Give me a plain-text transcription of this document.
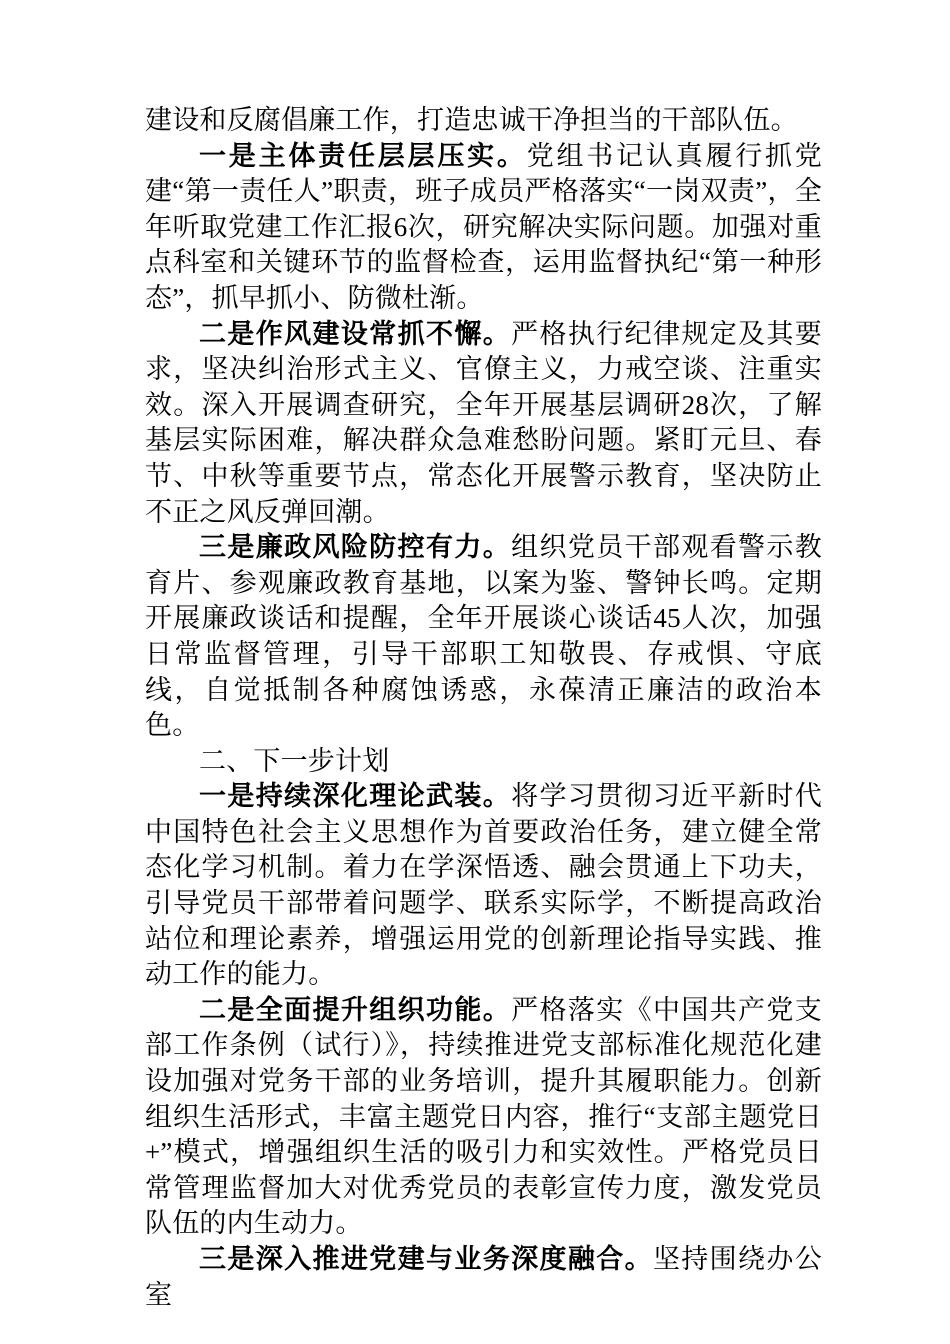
建设和反腐倡廉工作，打造忠诚干净担当的干部队伍。

一是主体责任层层压实。党组书记认真履行抓党建“第一责任人”职责，班子成员严格落实“一岗双责”，全年听取党建工作汇报6次，研究解决实际问题。加强对重点科室和关键环节的监督检查，运用监督执纪“第一种形态”，抓早抓小、防微杜渐。

二是作风建设常抓不懈。严格执行纪律规定及其要求，坚决纠治形式主义、官僚主义，力戒空谈、注重实效。深入开展调查研究，全年开展基层调研28次，了解基层实际困难，解决群众急难愁盼问题。紧盯元旦、春节、中秋等重要节点，常态化开展警示教育，坚决防止不正之风反弹回潮。

三是廉政风险防控有力。组织党员干部观看警示教育片、参观廉政教育基地，以案为鉴、警钟长鸣。定期开展廉政谈话和提醒，全年开展谈心谈话45人次，加强日常监督管理，引导干部职工知敬畏、存戒惧、守底线，自觉抵制各种腐蚀诱惑，永葆清正廉洁的政治本色。

二、下一步计划

一是持续深化理论武装。将学习贯彻习近平新时代中国特色社会主义思想作为首要政治任务，建立健全常态化学习机制。着力在学深悟透、融会贯通上下功夫，引导党员干部带着问题学、联系实际学，不断提高政治站位和理论素养，增强运用党的创新理论指导实践、推动工作的能力。

二是全面提升组织功能。严格落实《中国共产党支部工作条例（试行）》，持续推进党支部标准化规范化建设加强对党务干部的业务培训，提升其履职能力。创新组织生活形式，丰富主题党日内容，推行“支部主题党日+”模式，增强组织生活的吸引力和实效性。严格党员日常管理监督加大对优秀党员的表彰宣传力度，激发党员队伍的内生动力。

三是深入推进党建与业务深度融合。坚持围绕办公室
